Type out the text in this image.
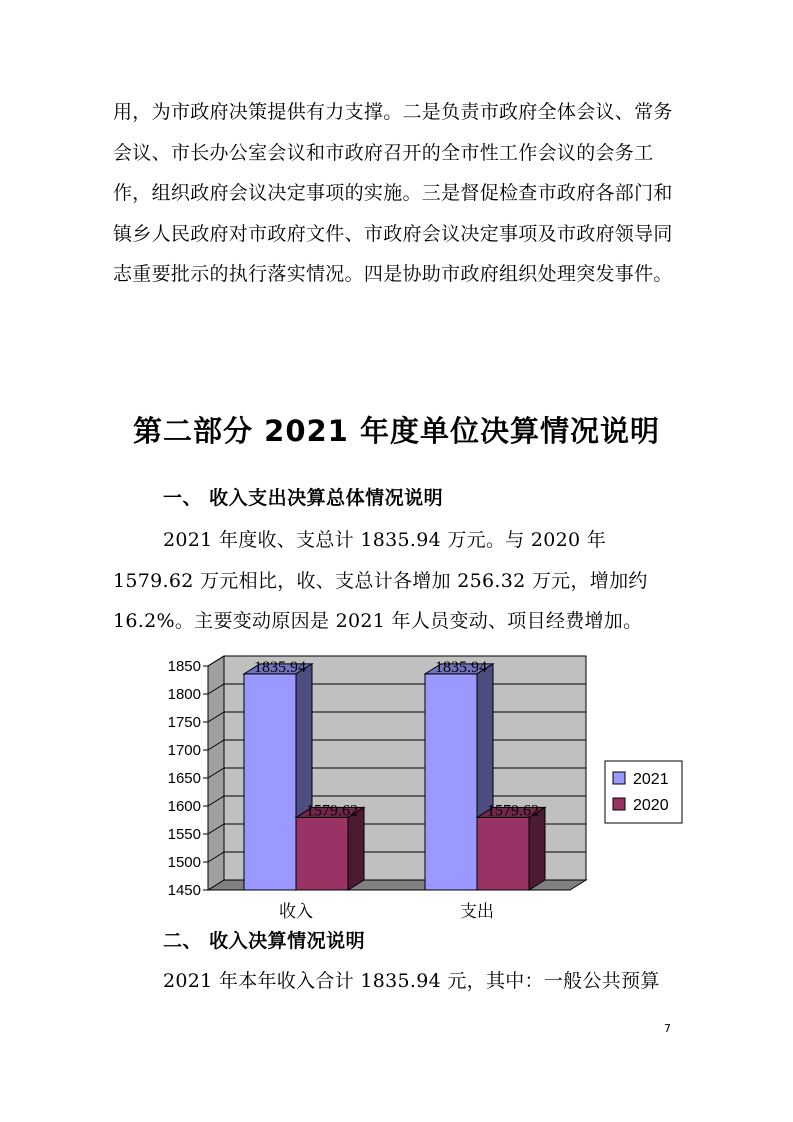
用，为市政府决策提供有力支撑。二是负责市政府全体会议、常务会议、市长办公室会议和市政府召开的全市性工作会议的会务工作，组织政府会议决定事项的实施。三是督促检查市政府各部门和镇乡人民政府对市政府文件、市政府会议决定事项及市政府领导同志重要批示的执行落实情况。四是协助市政府组织处理突发事件。

第二部分 2021 年度单位决算情况说明
一、 收入支出决算总体情况说明

2021 年度收、支总计 1835.94 万元。与 2020 年 1579.62 万元相比，收、支总计各增加 256.32 万元，增加约 16.2%。主要变动原因是 2021 年人员变动、项目经费增加。

1450
1500
1550
1600
1650
1700
1750
1800
1850	1835.94
1579.62
收入
1835.94
1579.62
支出
2021
2020
二、 收入决算情况说明

2021 年本年收入合计 1835.94 元，其中：一般公共预算

7
